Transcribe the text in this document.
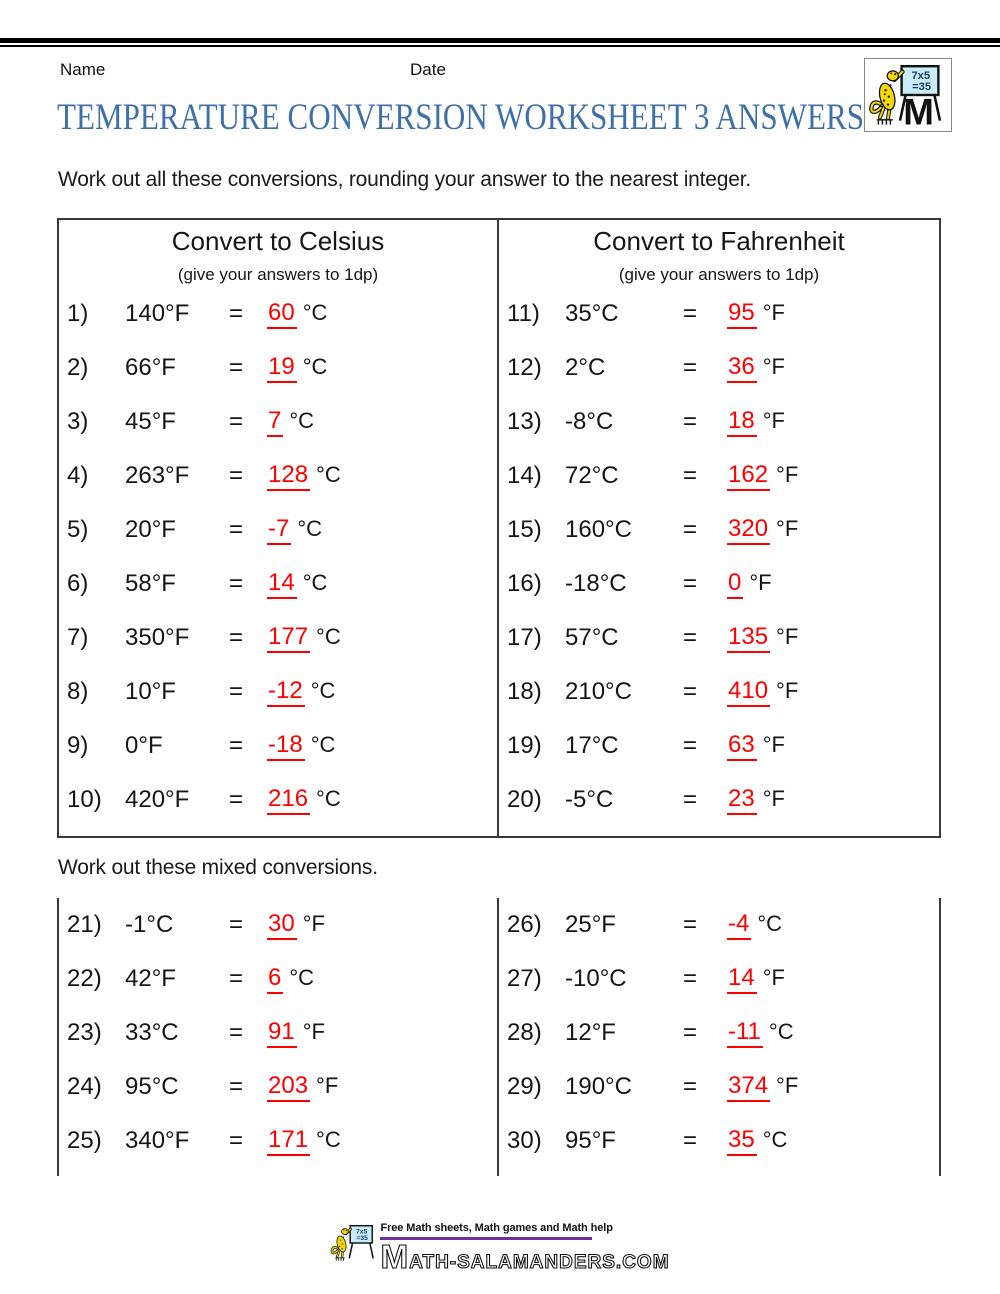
Name	Date	7x5
=35
M
TEMPERATURE CONVERSION WORKSHEET 3 ANSWERS
Work out all these conversions, rounding your answer to the nearest integer.
Convert to Celsius
(give your answers to 1dp)
1)	140°F	=	60 °C
2)	66°F	=	19 °C
3)	45°F	=	7 °C
4)	263°F	=	128 °C
5)	20°F	=	-7 °C
6)	58°F	=	14 °C
7)	350°F	=	177 °C
8)	10°F	=	-12 °C
9)	0°F	=	-18 °C
10) 420°F	=	216 °C
Convert to Fahrenheit
(give your answers to 1dp)
11)	35°C	=	95 °F
12) 2°C	=	36 °F
13) -8°C	=	18 °F
14) 72°C	=	162 °F
15) 160°C	=	320 °F
16) -18°C	=	0 °F
17) 57°C	=	135 °F
18) 210°C	=	410 °F
19) 17°C	=	63 °F
20) -5°C	=	23 °F
Work out these mixed conversions.
21) -1°C	=	30 °F
22) 42°F	=	6 °C
23) 33°C	=	91 °F
24) 95°C	=	203 °F
25) 340°F	=	171 °C
26) 25°F	=	-4 °C
27) -10°C	=	14 °F
28) 12°F	=	-11 °C
29) 190°C	=	374 °F
30) 95°F	=	35 °C
7x5
=35
Free Math sheets, Math games and Math help
MATH-SALAMANDERS.COM
